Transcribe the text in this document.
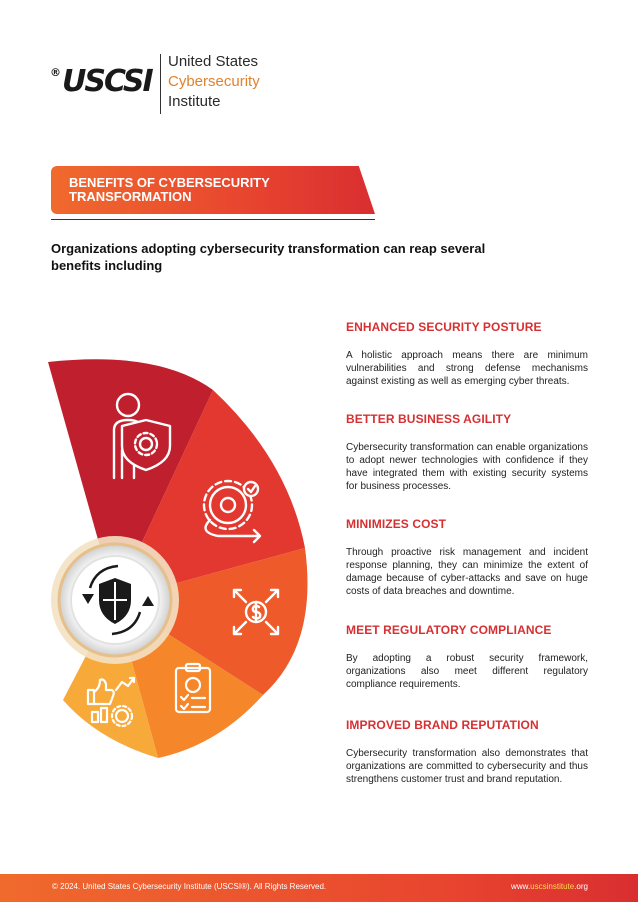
® USCSI
United States
Cybersecurity
Institute
BENEFITS OF CYBERSECURITY
TRANSFORMATION
Organizations adopting cybersecurity transformation can reap several benefits including
ENHANCED SECURITY POSTURE

A holistic approach means there are minimum vulnerabilities and strong defense mechanisms against existing as well as emerging cyber threats.

BETTER BUSINESS AGILITY

Cybersecurity transformation can enable organizations to adopt newer technologies with confidence if they have integrated them with existing security systems for business processes.

MINIMIZES COST

Through proactive risk management and incident response planning, they can minimize the extent of damage because of cyber-attacks and save on huge costs of data breaches and downtime.

MEET REGULATORY COMPLIANCE

By adopting a robust security framework, organizations also meet different regulatory compliance requirements.

IMPROVED BRAND REPUTATION

Cybersecurity transformation also demonstrates that organizations are committed to cybersecurity and thus strengthens customer trust and brand reputation.

© 2024. United States Cybersecurity Institute (USCSI®). All Rights Reserved.	www.uscsinstitute.org
